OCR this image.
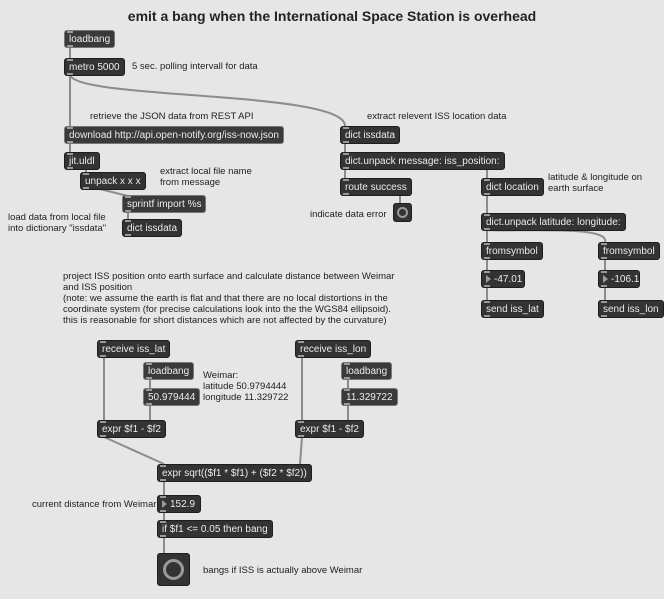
emit a bang when the International Space Station is overhead
loadbang
metro 5000	5 sec. polling intervall for data
retrieve the JSON data from REST API
download http://api.open-notify.org/iss-now.json
jit.uldl
unpack x x x
extract local file name
from message
sprintf import %s
dict issdata
load data from local file
into dictionary "issdata"
extract relevent ISS location data
dict issdata
dict.unpack message: iss_position:
route success
indicate data error
dict location
latitude & longitude on
earth surface
dict.unpack latitude: longitude:
fromsymbol	fromsymbol
-47.01	-106.1
send iss_lat	send iss_lon
project ISS position onto earth surface and calculate distance between Weimar
and ISS position
(note: we assume the earth is flat and that there are no local distortions in the
coordinate system (for precise calculations look into the the WGS84 ellipsoid).
this is reasonable for short distances which are not affected by the curvature)
receive iss_lat
loadbang
50.979444
Weimar:
latitude 50.9794444
longitude 11.329722
expr $f1 - $f2
receive iss_lon
loadbang
11.329722
expr $f1 - $f2
expr sqrt(($f1 * $f1) + ($f2 * $f2))
current distance from Weimar	152.9
if $f1 <= 0.05 then bang
bangs if ISS is actually above Weimar
